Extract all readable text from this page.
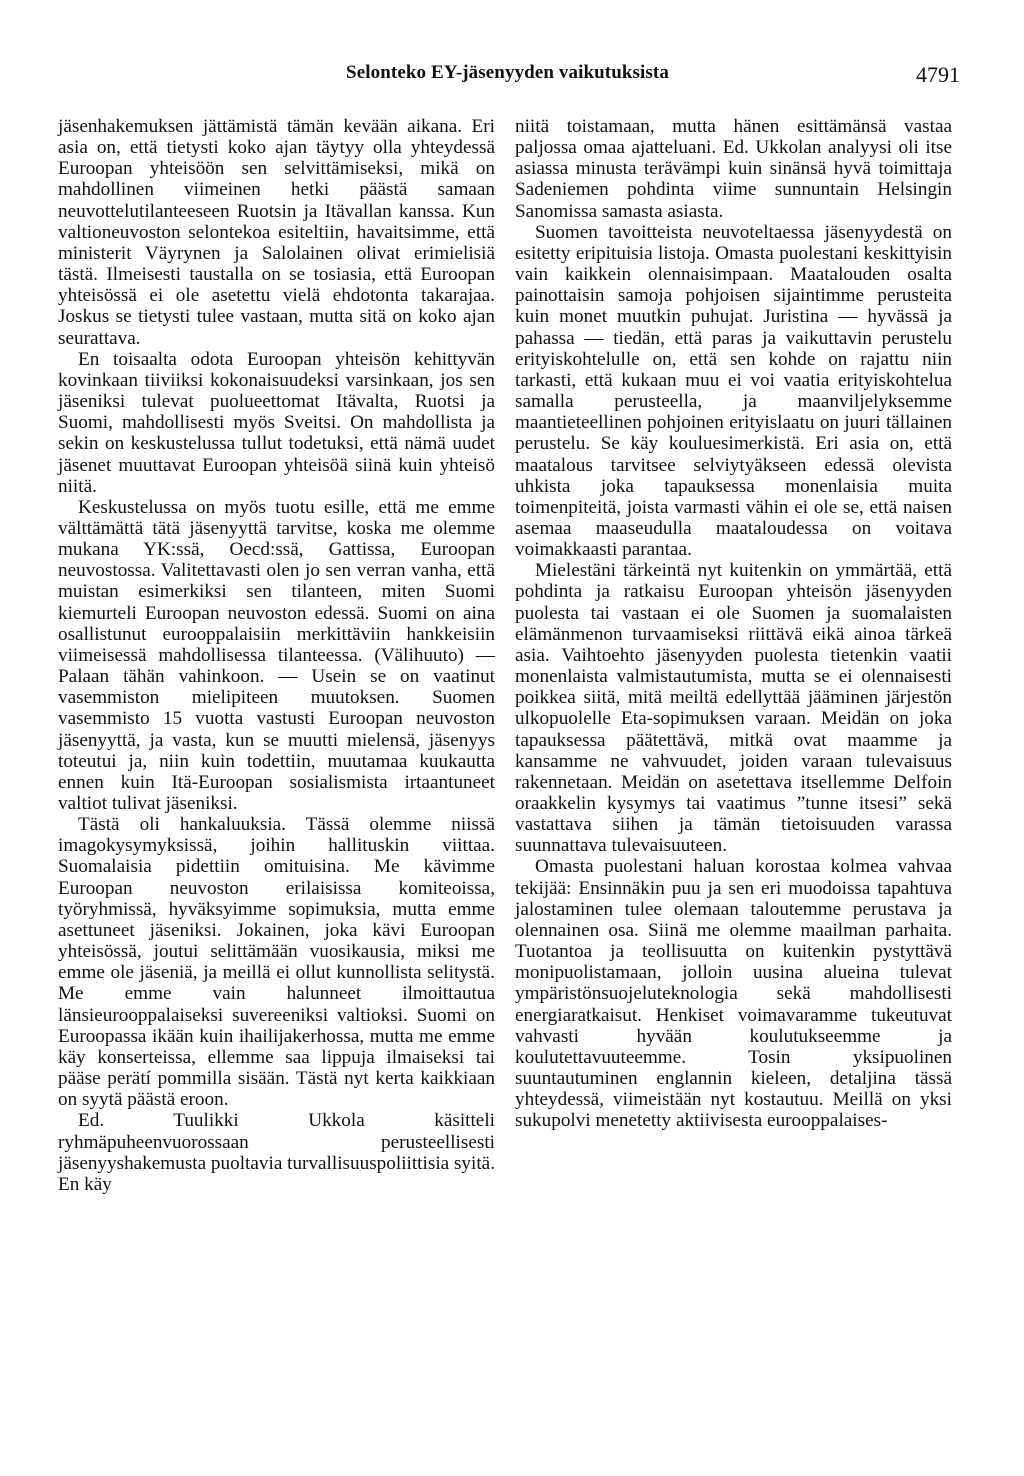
Selonteko EY-jäsenyyden vaikutuksista	4791

jäsenhakemuksen jättämistä tämän kevään aikana. Eri asia on, että tietysti koko ajan täytyy olla yhteydessä Euroopan yhteisöön sen selvittämiseksi, mikä on mahdollinen viimeinen hetki päästä samaan neuvottelutilanteeseen Ruotsin ja Itävallan kanssa. Kun valtioneuvoston selontekoa esiteltiin, havaitsimme, että ministerit Väyrynen ja Salolainen olivat erimielisiä tästä. Ilmeisesti taustalla on se tosiasia, että Euroopan yhteisössä ei ole asetettu vielä ehdotonta takarajaa. Joskus se tietysti tulee vastaan, mutta sitä on koko ajan seurattava.

En toisaalta odota Euroopan yhteisön kehittyvän kovinkaan tiiviiksi kokonaisuudeksi varsinkaan, jos sen jäseniksi tulevat puolueettomat Itävalta, Ruotsi ja Suomi, mahdollisesti myös Sveitsi. On mahdollista ja sekin on keskustelussa tullut todetuksi, että nämä uudet jäsenet muuttavat Euroopan yhteisöä siinä kuin yhteisö niitä.

Keskustelussa on myös tuotu esille, että me emme välttämättä tätä jäsenyyttä tarvitse, koska me olemme mukana YK:ssä, Oecd:ssä, Gattissa, Euroopan neuvostossa. Valitettavasti olen jo sen verran vanha, että muistan esimerkiksi sen tilanteen, miten Suomi kiemurteli Euroopan neuvoston edessä. Suomi on aina osallistunut eurooppalaisiin merkittäviin hankkeisiin viimeisessä mahdollisessa tilanteessa. (Välihuuto) — Palaan tähän vahinkoon. — Usein se on vaatinut vasemmiston mielipiteen muutoksen. Suomen vasemmisto 15 vuotta vastusti Euroopan neuvoston jäsenyyttä, ja vasta, kun se muutti mielensä, jäsenyys toteutui ja, niin kuin todettiin, muutamaa kuukautta ennen kuin Itä-Euroopan sosialismista irtaantuneet valtiot tulivat jäseniksi.

Tästä oli hankaluuksia. Tässä olemme niissä imagokysymyksissä, joihin hallituskin viittaa. Suomalaisia pidettiin omituisina. Me kävimme Euroopan neuvoston erilaisissa komiteoissa, työryhmissä, hyväksyimme sopimuksia, mutta emme asettuneet jäseniksi. Jokainen, joka kävi Euroopan yhteisössä, joutui selittämään vuosikausia, miksi me emme ole jäseniä, ja meillä ei ollut kunnollista selitystä. Me emme vain halunneet ilmoittautua länsieurooppalaiseksi suvereeniksi valtioksi. Suomi on Euroopassa ikään kuin ihailijakerhossa, mutta me emme käy konserteissa, ellemme saa lippuja ilmaiseksi tai pääse perätí pommilla sisään. Tästä nyt kerta kaikkiaan on syytä päästä eroon.

Ed. Tuulikki Ukkola käsitteli ryhmäpuheenvuorossaan perusteellisesti jäsenyyshakemusta puoltavia turvallisuuspoliittisia syitä. En käy

niitä toistamaan, mutta hänen esittämänsä vastaa paljossa omaa ajatteluani. Ed. Ukkolan analyysi oli itse asiassa minusta terävämpi kuin sinänsä hyvä toimittaja Sadeniemen pohdinta viime sunnuntain Helsingin Sanomissa samasta asiasta.

Suomen tavoitteista neuvoteltaessa jäsenyydestä on esitetty eripituisia listoja. Omasta puolestani keskittyisin vain kaikkein olennaisimpaan. Maatalouden osalta painottaisin samoja pohjoisen sijaintimme perusteita kuin monet muutkin puhujat. Juristina — hyvässä ja pahassa — tiedän, että paras ja vaikuttavin perustelu erityiskohtelulle on, että sen kohde on rajattu niin tarkasti, että kukaan muu ei voi vaatia erityiskohtelua samalla perusteella, ja maanviljelyksemme maantieteellinen pohjoinen erityislaatu on juuri tällainen perustelu. Se käy kouluesimerkistä. Eri asia on, että maatalous tarvitsee selviytyäkseen edessä olevista uhkista joka tapauksessa monenlaisia muita toimenpiteitä, joista varmasti vähin ei ole se, että naisen asemaa maaseudulla maataloudessa on voitava voimakkaasti parantaa.

Mielestäni tärkeintä nyt kuitenkin on ymmärtää, että pohdinta ja ratkaisu Euroopan yhteisön jäsenyyden puolesta tai vastaan ei ole Suomen ja suomalaisten elämänmenon turvaamiseksi riittävä eikä ainoa tärkeä asia. Vaihtoehto jäsenyyden puolesta tietenkin vaatii monenlaista valmistautumista, mutta se ei olennaisesti poikkea siitä, mitä meiltä edellyttää jääminen järjestön ulkopuolelle Eta-sopimuksen varaan. Meidän on joka tapauksessa päätettävä, mitkä ovat maamme ja kansamme ne vahvuudet, joiden varaan tulevaisuus rakennetaan. Meidän on asetettava itsellemme Delfoin oraakkelin kysymys tai vaatimus ”tunne itsesi” sekä vastattava siihen ja tämän tietoisuuden varassa suunnattava tulevaisuuteen.

Omasta puolestani haluan korostaa kolmea vahvaa tekijää: Ensinnäkin puu ja sen eri muodoissa tapahtuva jalostaminen tulee olemaan taloutemme perustava ja olennainen osa. Siinä me olemme maailman parhaita. Tuotantoa ja teollisuutta on kuitenkin pystyttävä monipuolistamaan, jolloin uusina alueina tulevat ympäristönsuojeluteknologia sekä mahdollisesti energiaratkaisut. Henkiset voimavaramme tukeutuvat vahvasti hyvään koulutukseemme ja koulutettavuuteemme. Tosin yksipuolinen suuntautuminen englannin kieleen, detaljina tässä yhteydessä, viimeistään nyt kostautuu. Meillä on yksi sukupolvi menetetty aktiivisesta eurooppalaises-
